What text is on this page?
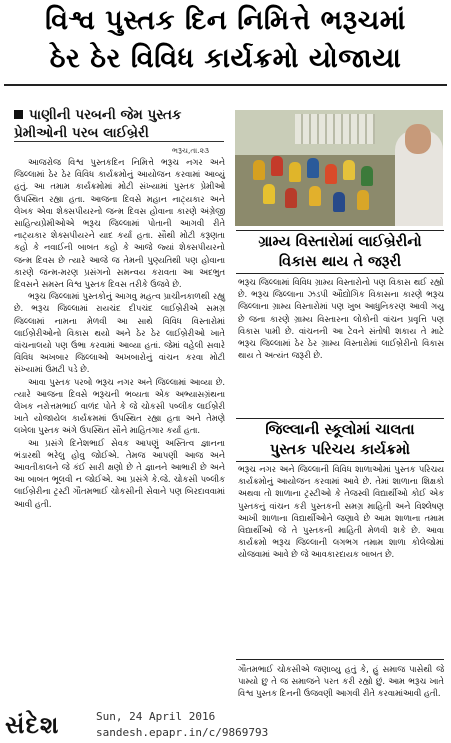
વિશ્વ પુસ્તક દિન નિમિત્તે ભરૂચમાં
ઠેર ઠેર વિવિધ કાર્યક્રમો યોજાયા
પાણીની પરબની જેમ પુસ્તક પ્રેમીઓની પરબ લાઈબ્રેરી
ભરૂચ,તા.૨૩

આજરોજ વિશ્વ પુસ્તકદિન નિમિત્તે ભરૂચ નગર અને જિલ્લામાં ઠેર ઠેર વિવિધ કાર્યક્રમોનું આયોજન કરવામાં આવ્યું હતું. આ તમામ કાર્યક્રમોમાં મોટી સંખ્યામાં પુસ્તક પ્રેમીઓ ઉપસ્થિત રહ્યા હતા. આજના દિવસે મહાન નાટ્યકાર અને લેખક એવા શેક્સપીયરનો જન્મ દિવસ હોવાના કારણે અંગ્રેજી સાહિત્યપ્રેમીઓએ ભરૂચ જિલ્લામાં પોતાની આગવી રીતે નાટ્યકાર શેક્સપીયરને યાદ કર્યા હતા. સૌથી મોટી કરૂણતા કહો કે નવાઈની બાબત કહો કે આજે જ્યાં શેક્સપીયરનો જન્મ દિવસ છે ત્યારે આજે જ તેમની પુણ્યતિથી પણ હોવાના કારણે જન્મ-મરણ પ્રસંગનો સમન્વય કરાવતા આ અદભુત દિવસને સમસ્ત વિશ્વ પુસ્તક દિવસ તરીકે ઉજવે છે.

ભરૂચ જિલ્લામાં પુસ્તકોનું આગવુ મહત્વ પ્રાચીનકાળથી રહ્યુ છે. ભરૂચ જિલ્લામાં રાયચંદ દીપચંદ લાઈબ્રેરીએ સમગ્ર જિલ્લામાં નામના મેળવી આ સાથે વિવિધ વિસ્તારોમાં લાઈબ્રેરીઓનો વિકાસ થયો અને ઠેર ઠેર લાઈબ્રેરીઓ ખાતે વાંચનાલયો પણ ઉભા કરવામાં આવ્યા હતાં. જેમાં વહેલી સવારે વિવિધ અખબાર જિલ્લાઓ અખબારોનું વાંચન કરવા મોટી સંખ્યામાં ઉમટી પડે છે.

આવા પુસ્તક પરબો ભરૂચ નગર અને જિલ્લામાં આવ્યા છે. ત્યારે આજના દિવસે ભરૂચની ભવ્યતા એક અભ્યાસગ્રંથના લેખક નરોત્તમભાઈ વાળંદ પોતે કે જે ચોકસી પબ્લીક લાઈબ્રેરી ખાતે યોજાયેલ કાર્યક્રમમાં ઉપસ્થિત રહ્યા હતા અને તેમણે લખેલા પુસ્તક અંગે ઉપસ્થિત સૌને માહિતગાર કર્યા હતા.

આ પ્રસંગે દિનેશભાઈ સેવક આપણું અસ્તિત્વ જ્ઞાનના ભંડારથી ભરેલુ હોવુ જોઈએ. તેમજ આપણી આજ અને આવતીકાલને જે કંઈ સારી ક્ષણો છે તે જ્ઞાનને આભારી છે અને આ બાબત ભૂલવી ન જોઈએ. આ પ્રસંગે કે.જે. ચોકસી પબ્લીક લાઈબ્રેરીના ટ્રસ્ટી ગૌતમભાઈ ચોકસીની સેવાને પણ બિરદાવવામાં આવી હતી.

ગ્રામ્ય વિસ્તારોમાં લાઈબ્રેરીનો
વિકાસ થાય તે જરૂરી
ભરૂચ જિલ્લામાં વિવિધ ગ્રામ્ય વિસ્તારોનો પણ વિકાસ થઈ રહ્યો છે. ભરૂચ જિલ્લાના ઝડપી ઔદ્યોગિક વિકાસના કારણે ભરૂચ જિલ્લાના ગ્રામ્ય વિસ્તારોમાં પણ ખુબ આધુનિકરણ આવી ગયુ છે જના કારણે ગ્રામ્ય વિસ્તારના લોકોની વાંચન પ્રવૃત્તિ પણ વિકાસ પામી છે. વાંચનની આ ટેવને સંતોષી શકાય તે માટે ભરૂચ જિલ્લામાં ઠેર ઠેર ગ્રામ્ય વિસ્તારોમાં લાઈબ્રેરીનો વિકાસ થાય તે અત્યંત જરૂરી છે.
જિલ્લાની સ્કૂલોમાં ચાલતા
પુસ્તક પરિચય કાર્યક્રમો
ભરૂચ નગર અને જિલ્લાની વિવિધ શાળાઓમાં પુસ્તક પરિચય કાર્યક્રમોનું આયોજન કરવામાં આવે છે. તેમાં શાળાના શિક્ષકો અથવા તો શાળાના ટ્રસ્ટીઓ કે તેજસ્વી વિદ્યાર્થીઓ કોઈ એક પુસ્તકનું વાંચન કરી પુસ્તકની સમગ્ર માહિતી અને વિશ્લેષણ આખી શાળાના વિદ્યાર્થીઓને જણાવે છે આમ શાળાના તમામ વિદ્યાર્થીઓ જે તે પુસ્તકની માહિતી મેળવી શકે છે. આવા કાર્યક્રમો ભરૂચ જિલ્લાની લગભગ તમામ શાળા કોલેજોમાં યોજવામાં આવે છે જે આવકારદાયક બાબત છે.
ગૌતમભાઈ ચોકસીએ જણાવ્યુ હતું કે, હું સમાજ પાસેથી જે પામ્યો છુ તે જ સમાજને પરત કરી રહ્યો છું. આમ ભરૂચ ખાતે વિશ્વ પુસ્તક દિનની ઉજવણી આગવી રીતે કરવામાંઆવી હતી.
સંદેશ	Sun, 24 April 2016
sandesh.epapr.in/c/9869793
